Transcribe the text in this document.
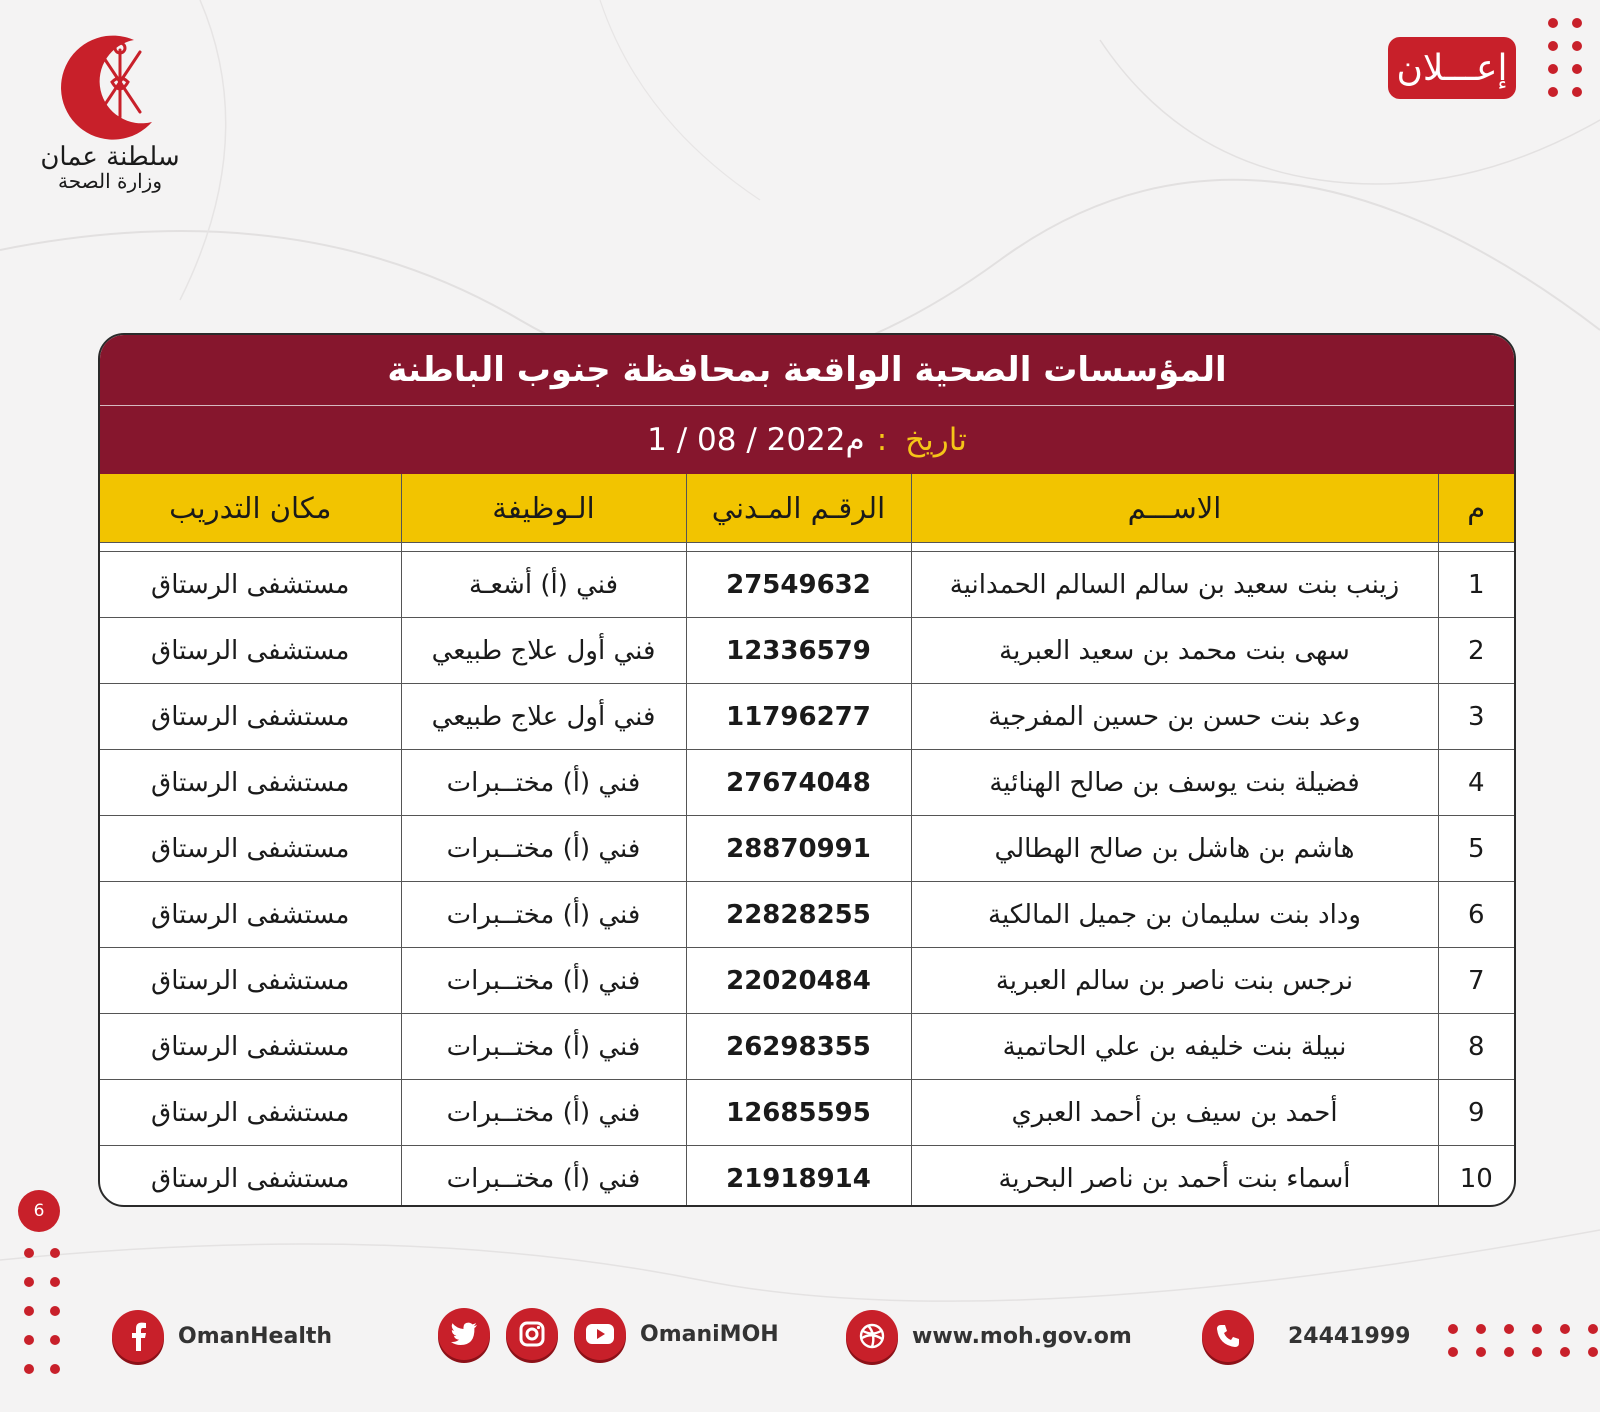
سلطنة عمان
وزارة الصحة
إعـــلان
6
المؤسسات الصحية الواقعة بمحافظة جنوب الباطنة
تاريخ
:
1 / 08 / 2022م
م	الاســـم	الرقـم المـدني	الـوظيفة	مكان التدريب

1	زينب بنت سعيد بن سالم السالم الحمدانية	27549632	فني (أ) أشعـة	مستشفى الرستاق
2	سهى بنت محمد بن سعيد العبرية	12336579	فني أول علاج طبيعي	مستشفى الرستاق
3	وعد بنت حسن بن حسين المفرجية	11796277	فني أول علاج طبيعي	مستشفى الرستاق
4	فضيلة بنت يوسف بن صالح الهنائية	27674048	فني (أ) مختــبرات	مستشفى الرستاق
5	هاشم بن هاشل بن صالح الهطالي	28870991	فني (أ) مختــبرات	مستشفى الرستاق
6	وداد بنت سليمان بن جميل المالكية	22828255	فني (أ) مختــبرات	مستشفى الرستاق
7	نرجس بنت ناصر بن سالم العبرية	22020484	فني (أ) مختــبرات	مستشفى الرستاق
8	نبيلة بنت خليفه بن علي الحاتمية	26298355	فني (أ) مختــبرات	مستشفى الرستاق
9	أحمد بن سيف بن أحمد العبري	12685595	فني (أ) مختــبرات	مستشفى الرستاق
10	أسماء بنت أحمد بن ناصر البحرية	21918914	فني (أ) مختــبرات	مستشفى الرستاق
OmanHealth	OmaniMOH	www.moh.gov.om	24441999
